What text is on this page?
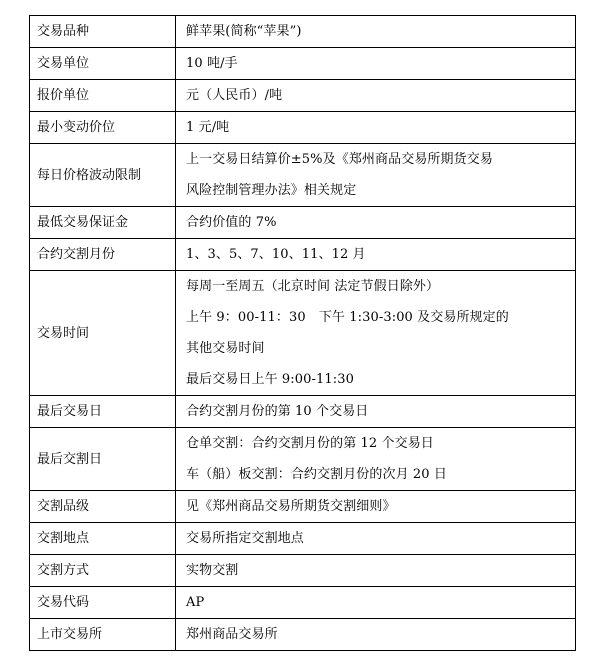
交易品种	鲜苹果(简称“苹果”)

交易单位	10 吨/手

报价单位	元（人民币）/吨

最小变动价位	1 元/吨

每日价格波动限制	上一交易日结算价±5%及《郑州商品交易所期货交易
风险控制管理办法》相关规定

最低交易保证金	合约价值的 7%

合约交割月份	1、3、5、7、10、11、12 月

交易时间	每周一至周五（北京时间 法定节假日除外）
上午 9：00-11：30　下午 1:30-3:00 及交易所规定的
其他交易时间
最后交易日上午 9:00-11:30

最后交易日	合约交割月份的第 10 个交易日

最后交割日	仓单交割：合约交割月份的第 12 个交易日
车（船）板交割：合约交割月份的次月 20 日

交割品级	见《郑州商品交易所期货交割细则》

交割地点	交易所指定交割地点

交割方式	实物交割

交易代码	AP

上市交易所	郑州商品交易所
